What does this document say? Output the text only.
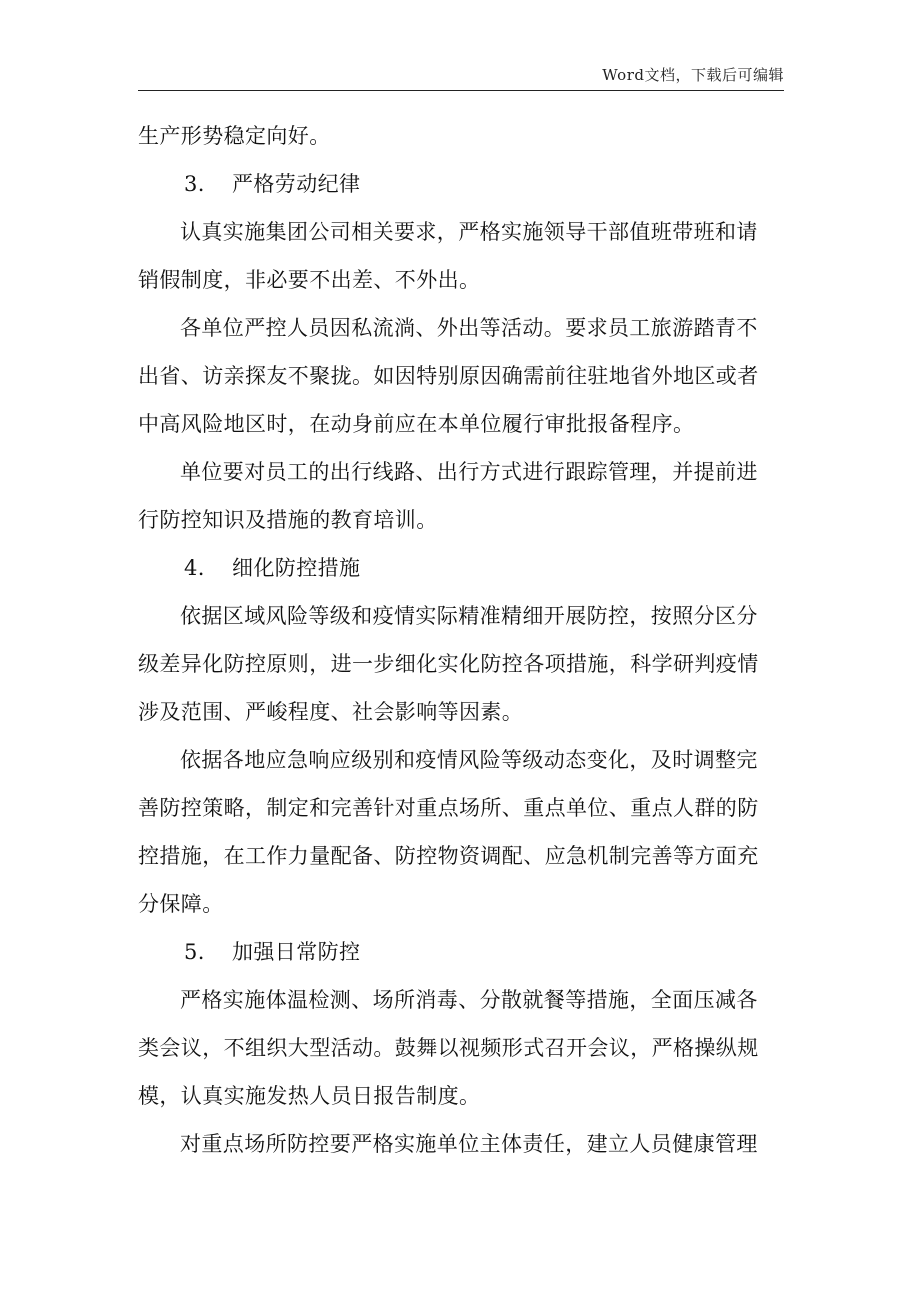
Word文档，下载后可编辑
生产形势稳定向好。
3. 严格劳动纪律
认真实施集团公司相关要求，严格实施领导干部值班带班和请
销假制度，非必要不出差、不外出。
各单位严控人员因私流淌、外出等活动。要求员工旅游踏青不
出省、访亲探友不聚拢。如因特别原因确需前往驻地省外地区或者
中高风险地区时，在动身前应在本单位履行审批报备程序。
单位要对员工的出行线路、出行方式进行跟踪管理，并提前进
行防控知识及措施的教育培训。
4. 细化防控措施
依据区域风险等级和疫情实际精准精细开展防控，按照分区分
级差异化防控原则，进一步细化实化防控各项措施，科学研判疫情
涉及范围、严峻程度、社会影响等因素。
依据各地应急响应级别和疫情风险等级动态变化，及时调整完
善防控策略，制定和完善针对重点场所、重点单位、重点人群的防
控措施，在工作力量配备、防控物资调配、应急机制完善等方面充
分保障。
5. 加强日常防控
严格实施体温检测、场所消毒、分散就餐等措施，全面压减各
类会议，不组织大型活动。鼓舞以视频形式召开会议，严格操纵规
模，认真实施发热人员日报告制度。
对重点场所防控要严格实施单位主体责任，建立人员健康管理
